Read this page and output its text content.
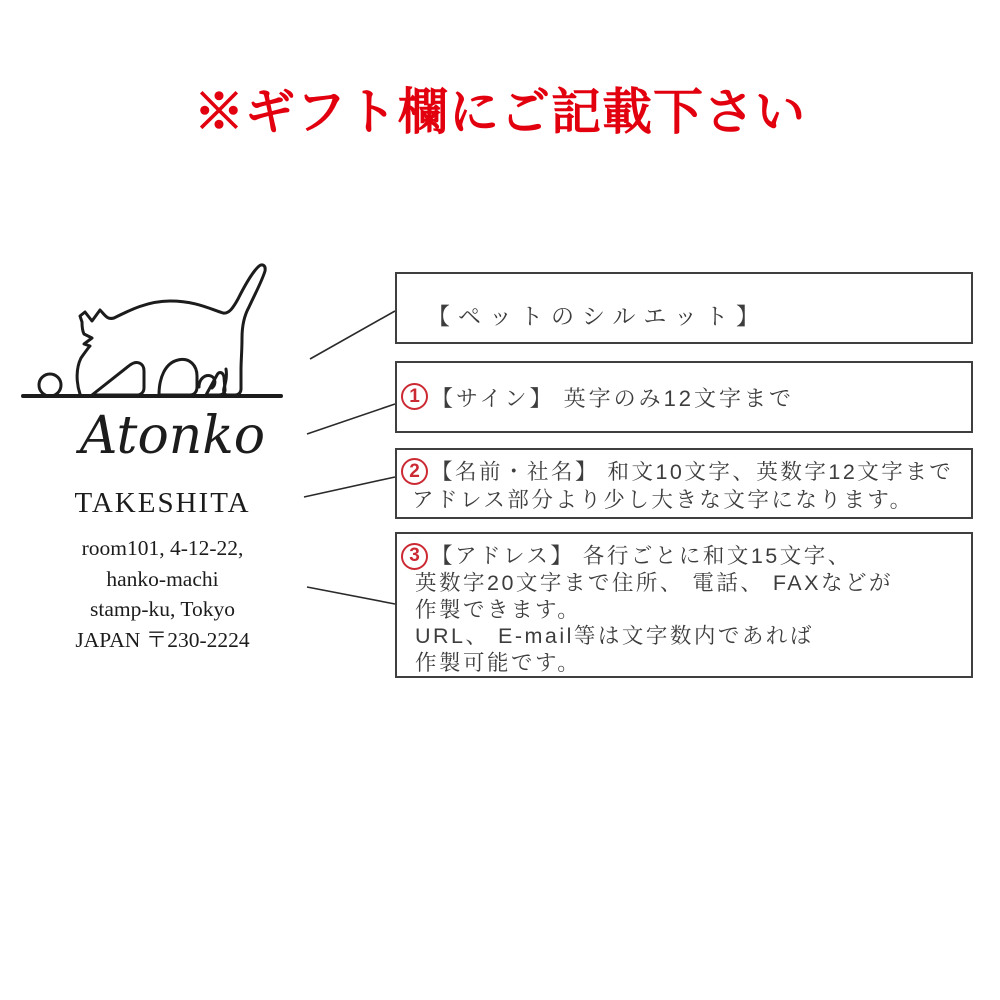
※ギフト欄にご記載下さい
Atonko
TAKESHITA
room101, 4-12-22,
hanko-machi
stamp-ku, Tokyo
JAPAN 〒230-2224
【ペットのシルエット】
1 【サイン】 英字のみ12文字まで
2 【名前・社名】 和文10文字、英数字12文字まで
アドレス部分より少し大きな文字になります。
3 【アドレス】 各行ごとに和文15文字、
英数字20文字まで住所、 電話、 FAXなどが
作製できます。
URL、 E-mail等は文字数内であれば
作製可能です。
